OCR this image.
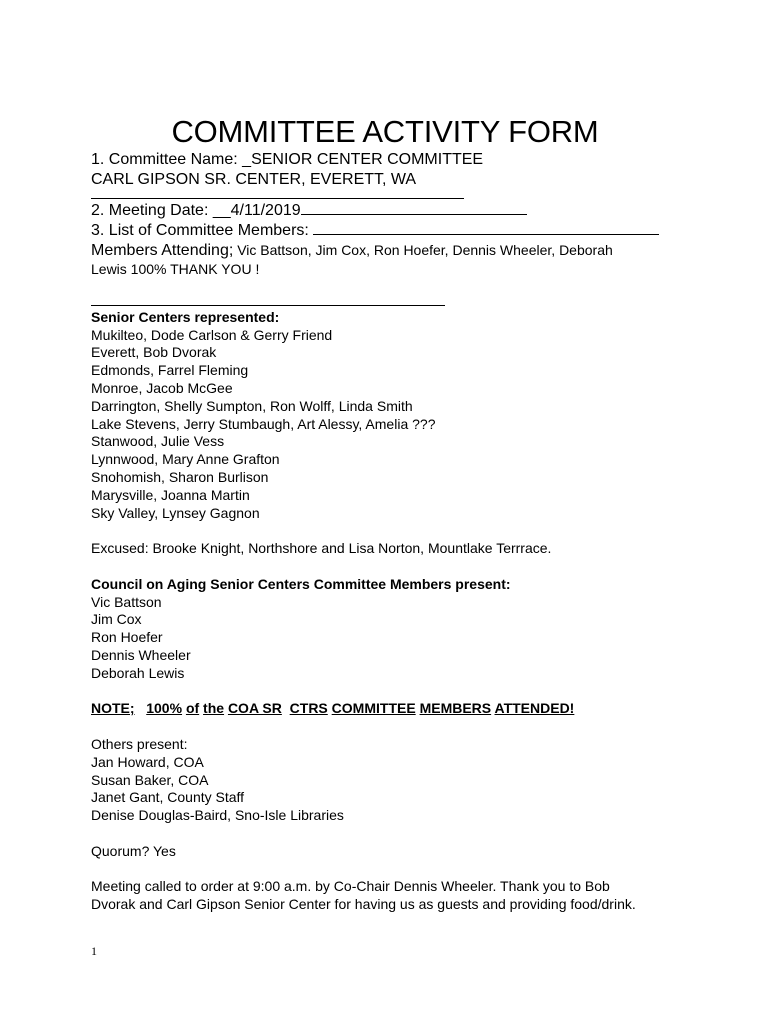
COMMITTEE ACTIVITY FORM
1. Committee Name: _SENIOR CENTER COMMITTEE
CARL GIPSON SR. CENTER, EVERETT, WA
2. Meeting Date: __4/11/2019
3. List of Committee Members:
Members Attending; Vic Battson, Jim Cox, Ron Hoefer, Dennis Wheeler, Deborah
Lewis 100% THANK YOU !
Senior Centers represented:
Mukilteo, Dode Carlson & Gerry Friend
Everett, Bob Dvorak
Edmonds, Farrel Fleming
Monroe, Jacob McGee
Darrington, Shelly Sumpton, Ron Wolff, Linda Smith
Lake Stevens, Jerry Stumbaugh, Art Alessy, Amelia ???
Stanwood, Julie Vess
Lynnwood, Mary Anne Grafton
Snohomish, Sharon Burlison
Marysville, Joanna Martin
Sky Valley, Lynsey Gagnon
Excused: Brooke Knight, Northshore and Lisa Norton, Mountlake Terrrace.
Council on Aging Senior Centers Committee Members present:
Vic Battson
Jim Cox
Ron Hoefer
Dennis Wheeler
Deborah Lewis
NOTE; 100% of the COA SR CTRS COMMITTEE MEMBERS ATTENDED!
Others present:
Jan Howard, COA
Susan Baker, COA
Janet Gant, County Staff
Denise Douglas-Baird, Sno-Isle Libraries
Quorum? Yes
Meeting called to order at 9:00 a.m. by Co-Chair Dennis Wheeler. Thank you to Bob
Dvorak and Carl Gipson Senior Center for having us as guests and providing food/drink.
1
